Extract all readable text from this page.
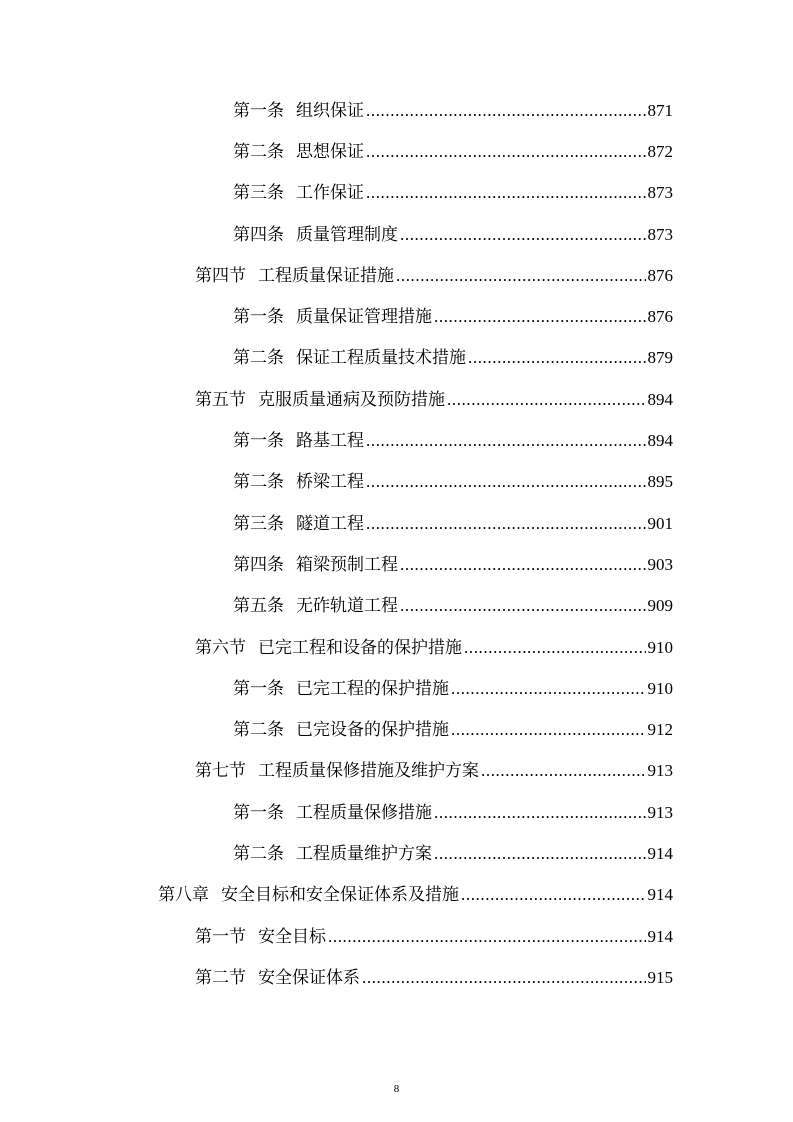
第一条 组织保证 .....	871
第二条 思想保证 .....	872
第三条 工作保证 .....	873
第四条 质量管理制度 .....	873
第四节 工程质量保证措施 .....	876
第一条 质量保证管理措施 .....	876
第二条 保证工程质量技术措施 .....	879
第五节 克服质量通病及预防措施 .....	894
第一条 路基工程 .....	894
第二条 桥梁工程 .....	895
第三条 隧道工程 .....	901
第四条 箱梁预制工程 .....	903
第五条 无砟轨道工程 .....	909
第六节 已完工程和设备的保护措施 .....	910
第一条 已完工程的保护措施 .....	910
第二条 已完设备的保护措施 .....	912
第七节 工程质量保修措施及维护方案 .....	913
第一条 工程质量保修措施 .....	913
第二条 工程质量维护方案 .....	914
第八章 安全目标和安全保证体系及措施 .....	914
第一节 安全目标 .....	914
第二节 安全保证体系 .....	915
8
